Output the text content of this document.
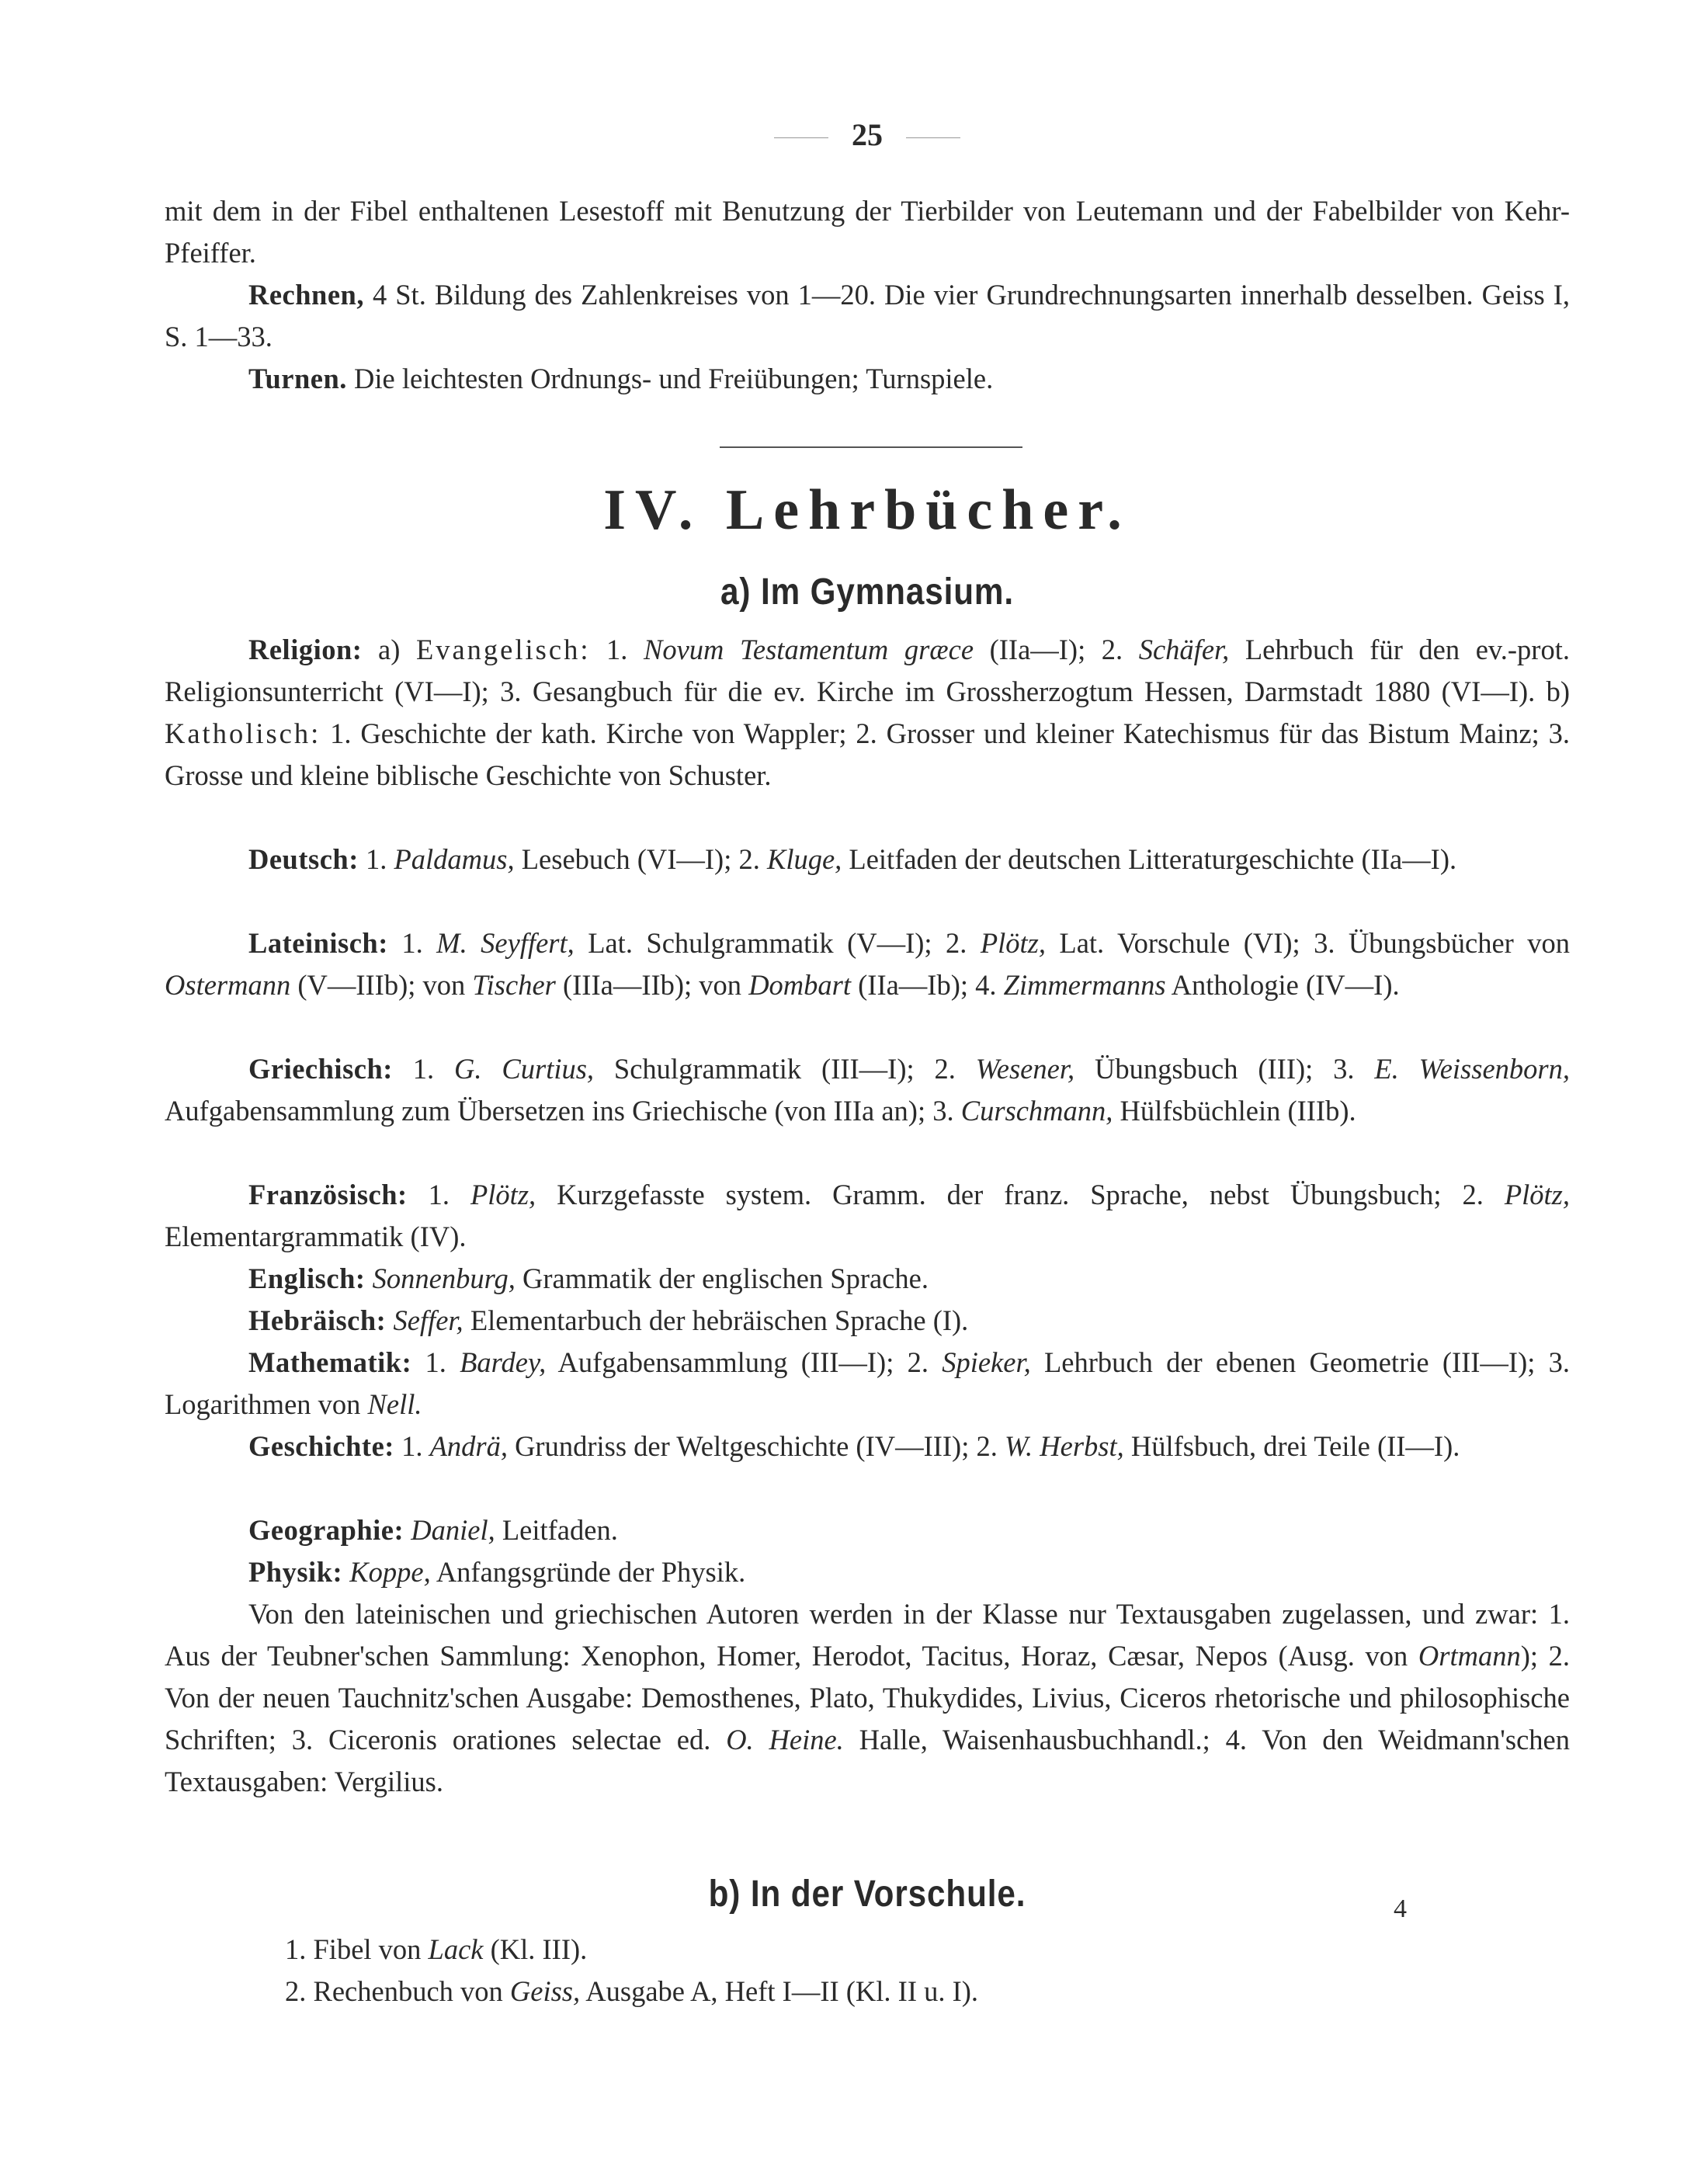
25

mit dem in der Fibel enthaltenen Lesestoff mit Benutzung der Tierbilder von Leutemann und der Fabelbilder von Kehr-Pfeiffer.

Rechnen, 4 St. Bildung des Zahlenkreises von 1—20. Die vier Grundrechnungsarten innerhalb desselben. Geiss I, S. 1—33.

Turnen. Die leichtesten Ordnungs- und Freiübungen; Turnspiele.

IV. Lehrbücher.
a) Im Gymnasium.

Religion: a) Evangelisch: 1. Novum Testamentum græce (IIa—I); 2. Schäfer, Lehrbuch für den ev.-prot. Religionsunterricht (VI—I); 3. Gesangbuch für die ev. Kirche im Grossherzogtum Hessen, Darmstadt 1880 (VI—I). b) Katholisch: 1. Geschichte der kath. Kirche von Wappler; 2. Grosser und kleiner Katechismus für das Bistum Mainz; 3. Grosse und kleine biblische Geschichte von Schuster.

Deutsch: 1. Paldamus, Lesebuch (VI—I); 2. Kluge, Leitfaden der deutschen Litteraturgeschichte (IIa—I).

Lateinisch: 1. M. Seyffert, Lat. Schulgrammatik (V—I); 2. Plötz, Lat. Vorschule (VI); 3. Übungsbücher von Ostermann (V—IIIb); von Tischer (IIIa—IIb); von Dombart (IIa—Ib); 4. Zimmermanns Anthologie (IV—I).

Griechisch: 1. G. Curtius, Schulgrammatik (III—I); 2. Wesener, Übungsbuch (III); 3. E. Weissenborn, Aufgabensammlung zum Übersetzen ins Griechische (von IIIa an); 3. Curschmann, Hülfsbüchlein (IIIb).

Französisch: 1. Plötz, Kurzgefasste system. Gramm. der franz. Sprache, nebst Übungsbuch; 2. Plötz, Elementargrammatik (IV).

Englisch: Sonnenburg, Grammatik der englischen Sprache.

Hebräisch: Seffer, Elementarbuch der hebräischen Sprache (I).

Mathematik: 1. Bardey, Aufgabensammlung (III—I); 2. Spieker, Lehrbuch der ebenen Geometrie (III—I); 3. Logarithmen von Nell.

Geschichte: 1. Andrä, Grundriss der Weltgeschichte (IV—III); 2. W. Herbst, Hülfsbuch, drei Teile (II—I).

Geographie: Daniel, Leitfaden.

Physik: Koppe, Anfangsgründe der Physik.

Von den lateinischen und griechischen Autoren werden in der Klasse nur Textausgaben zugelassen, und zwar: 1. Aus der Teubner'schen Sammlung: Xenophon, Homer, Herodot, Tacitus, Horaz, Cæsar, Nepos (Ausg. von Ortmann); 2. Von der neuen Tauchnitz'schen Ausgabe: Demosthenes, Plato, Thukydides, Livius, Ciceros rhetorische und philosophische Schriften; 3. Ciceronis orationes selectae ed. O. Heine. Halle, Waisenhausbuchhandl.; 4. Von den Weidmann'schen Textausgaben: Vergilius.

b) In der Vorschule.
1. Fibel von Lack (Kl. III).
2. Rechenbuch von Geiss, Ausgabe A, Heft I—II (Kl. II u. I).
4
